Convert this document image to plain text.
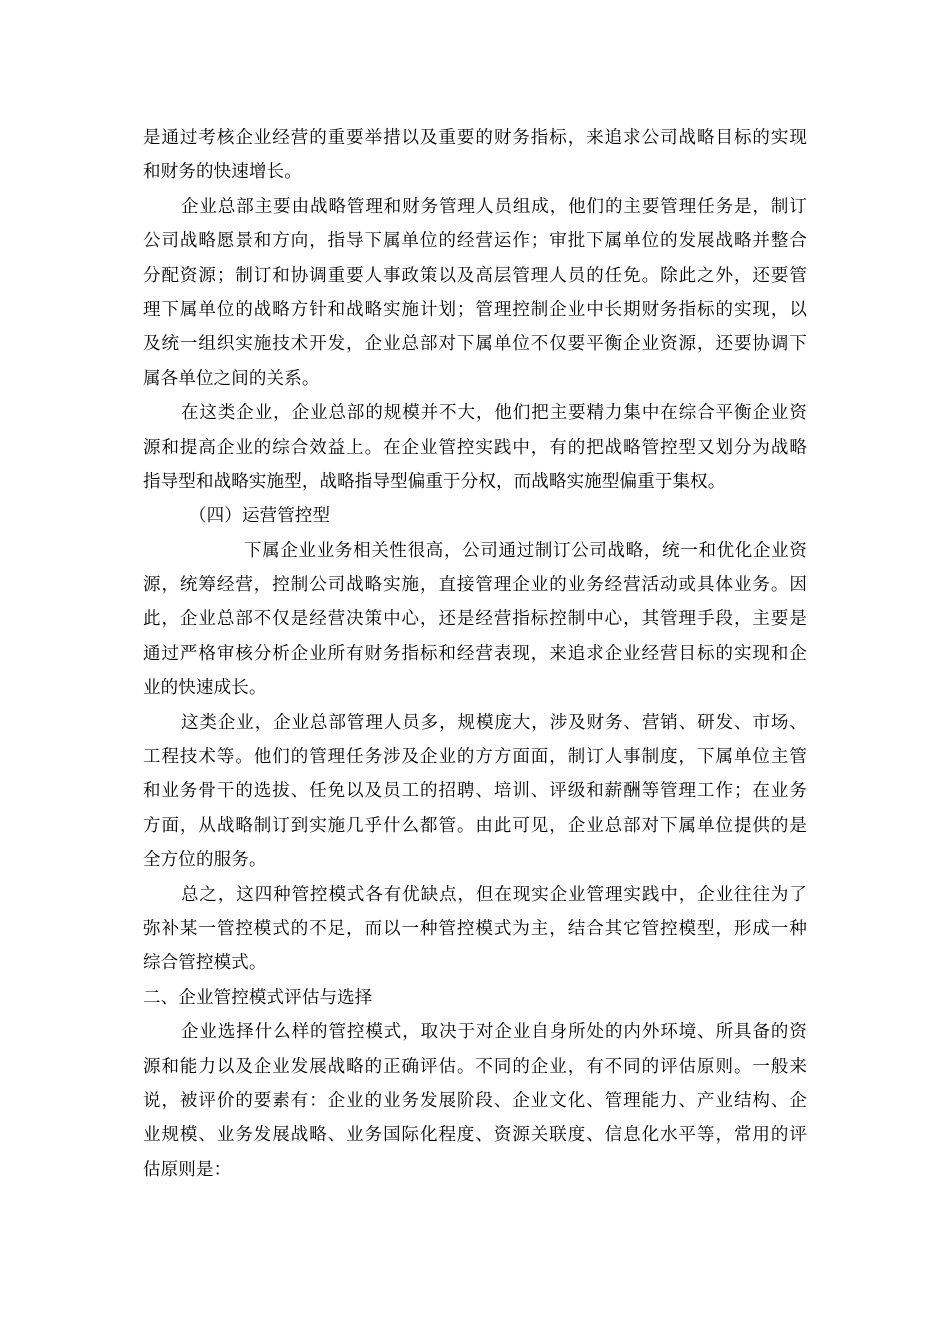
是通过考核企业经营的重要举措以及重要的财务指标，来追求公司战略目标的实现
和财务的快速增长。
企业总部主要由战略管理和财务管理人员组成，他们的主要管理任务是，制订
公司战略愿景和方向，指导下属单位的经营运作；审批下属单位的发展战略并整合
分配资源；制订和协调重要人事政策以及高层管理人员的任免。除此之外，还要管
理下属单位的战略方针和战略实施计划；管理控制企业中长期财务指标的实现，以
及统一组织实施技术开发，企业总部对下属单位不仅要平衡企业资源，还要协调下
属各单位之间的关系。
在这类企业，企业总部的规模并不大，他们把主要精力集中在综合平衡企业资
源和提高企业的综合效益上。在企业管控实践中，有的把战略管控型又划分为战略
指导型和战略实施型，战略指导型偏重于分权，而战略实施型偏重于集权。
（四）运营管控型
下属企业业务相关性很高，公司通过制订公司战略，统一和优化企业资
源，统筹经营，控制公司战略实施，直接管理企业的业务经营活动或具体业务。因
此，企业总部不仅是经营决策中心，还是经营指标控制中心，其管理手段，主要是
通过严格审核分析企业所有财务指标和经营表现，来追求企业经营目标的实现和企
业的快速成长。
这类企业，企业总部管理人员多，规模庞大，涉及财务、营销、研发、市场、
工程技术等。他们的管理任务涉及企业的方方面面，制订人事制度，下属单位主管
和业务骨干的选拔、任免以及员工的招聘、培训、评级和薪酬等管理工作；在业务
方面，从战略制订到实施几乎什么都管。由此可见，企业总部对下属单位提供的是
全方位的服务。
总之，这四种管控模式各有优缺点，但在现实企业管理实践中，企业往往为了
弥补某一管控模式的不足，而以一种管控模式为主，结合其它管控模型，形成一种
综合管控模式。
二、企业管控模式评估与选择
企业选择什么样的管控模式，取决于对企业自身所处的内外环境、所具备的资
源和能力以及企业发展战略的正确评估。不同的企业，有不同的评估原则。一般来
说，被评价的要素有：企业的业务发展阶段、企业文化、管理能力、产业结构、企
业规模、业务发展战略、业务国际化程度、资源关联度、信息化水平等，常用的评
估原则是：
